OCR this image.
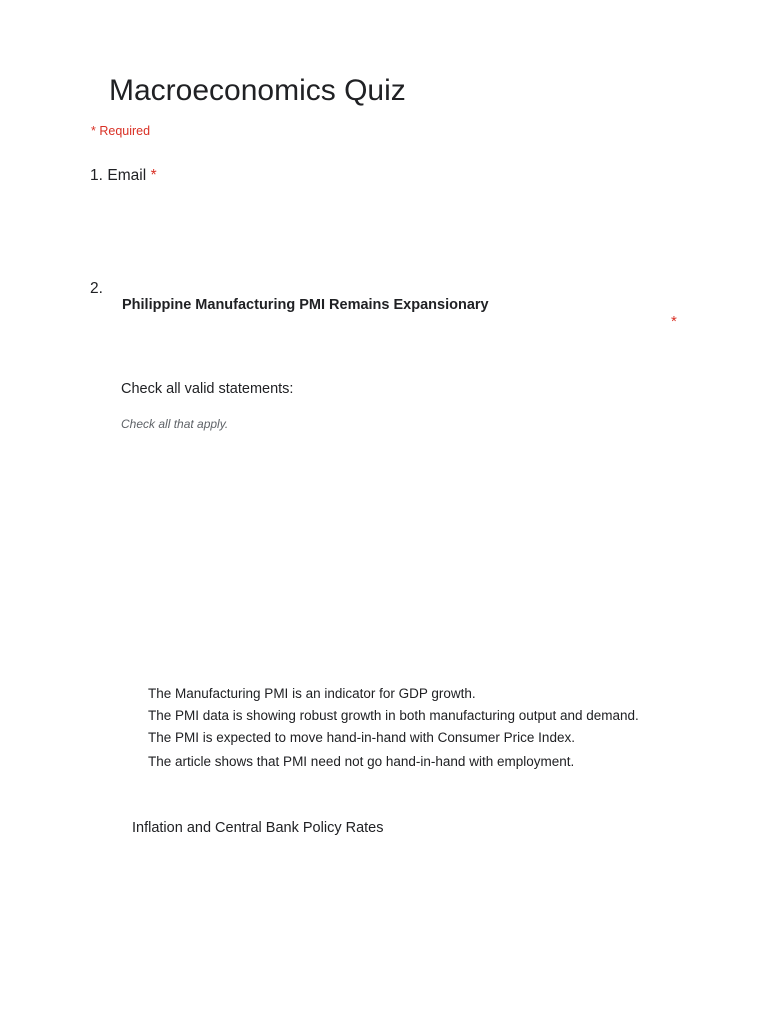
Macroeconomics Quiz
* Required
1. Email *
2.
Philippine Manufacturing PMI Remains Expansionary
*
Check all valid statements:
Check all that apply.
The Manufacturing PMI is an indicator for GDP growth.
The PMI data is showing robust growth in both manufacturing output and demand.
The PMI is expected to move hand-in-hand with Consumer Price Index.
The article shows that PMI need not go hand-in-hand with employment.
Inflation and Central Bank Policy Rates
